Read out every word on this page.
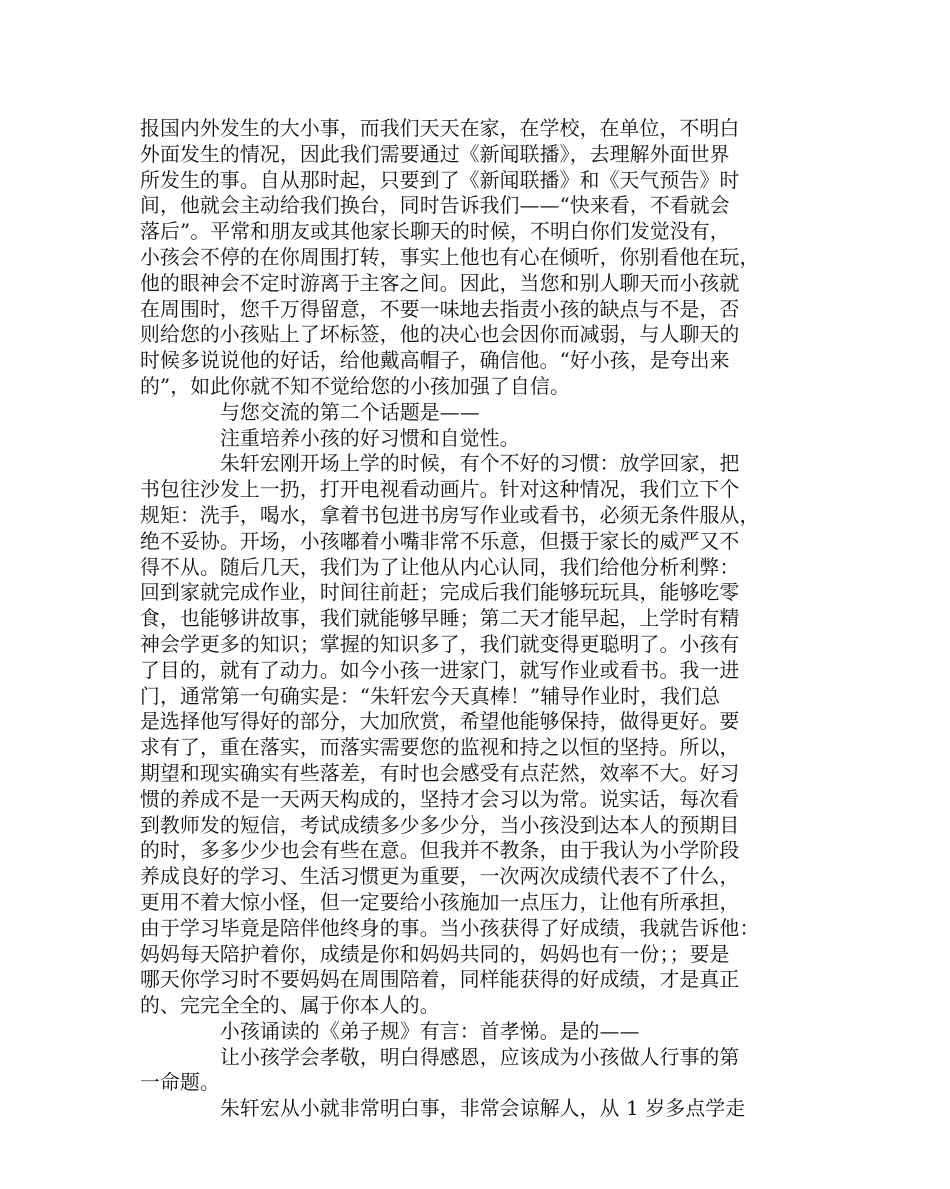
报国内外发生的大小事，而我们天天在家，在学校，在单位，不明白
外面发生的情况，因此我们需要通过《新闻联播》，去理解外面世界
所发生的事。自从那时起，只要到了《新闻联播》和《天气预告》时
间，他就会主动给我们换台，同时告诉我们——“快来看，不看就会
落后”。平常和朋友或其他家长聊天的时候，不明白你们发觉没有，
小孩会不停的在你周围打转，事实上他也有心在倾听，你别看他在玩，
他的眼神会不定时游离于主客之间。因此，当您和别人聊天而小孩就
在周围时，您千万得留意，不要一味地去指责小孩的缺点与不是，否
则给您的小孩贴上了坏标签，他的决心也会因你而减弱，与人聊天的
时候多说说他的好话，给他戴高帽子，确信他。“好小孩，是夸出来
的”，如此你就不知不觉给您的小孩加强了自信。
与您交流的第二个话题是——
注重培养小孩的好习惯和自觉性。
朱轩宏刚开场上学的时候，有个不好的习惯：放学回家，把
书包往沙发上一扔，打开电视看动画片。针对这种情况，我们立下个
规矩：洗手，喝水，拿着书包进书房写作业或看书，必须无条件服从，
绝不妥协。开场，小孩嘟着小嘴非常不乐意，但摄于家长的威严又不
得不从。随后几天，我们为了让他从内心认同，我们给他分析利弊：
回到家就完成作业，时间往前赶；完成后我们能够玩玩具，能够吃零
食，也能够讲故事，我们就能够早睡；第二天才能早起，上学时有精
神会学更多的知识；掌握的知识多了，我们就变得更聪明了。小孩有
了目的，就有了动力。如今小孩一进家门，就写作业或看书。我一进
门，通常第一句确实是：“朱轩宏今天真棒！”辅导作业时，我们总
是选择他写得好的部分，大加欣赏，希望他能够保持，做得更好。要
求有了，重在落实，而落实需要您的监视和持之以恒的坚持。所以，
期望和现实确实有些落差，有时也会感受有点茫然，效率不大。好习
惯的养成不是一天两天构成的，坚持才会习以为常。说实话，每次看
到教师发的短信，考试成绩多少多少分，当小孩没到达本人的预期目
的时，多多少少也会有些在意。但我并不教条，由于我认为小学阶段
养成良好的学习、生活习惯更为重要，一次两次成绩代表不了什么，
更用不着大惊小怪，但一定要给小孩施加一点压力，让他有所承担，
由于学习毕竟是陪伴他终身的事。当小孩获得了好成绩，我就告诉他：
妈妈每天陪护着你，成绩是你和妈妈共同的，妈妈也有一份；；要是
哪天你学习时不要妈妈在周围陪着，同样能获得的好成绩，才是真正
的、完完全全的、属于你本人的。
小孩诵读的《弟子规》有言：首孝悌。是的——
让小孩学会孝敬，明白得感恩，应该成为小孩做人行事的第
一命题。
朱轩宏从小就非常明白事，非常会谅解人，从 1 岁多点学走
